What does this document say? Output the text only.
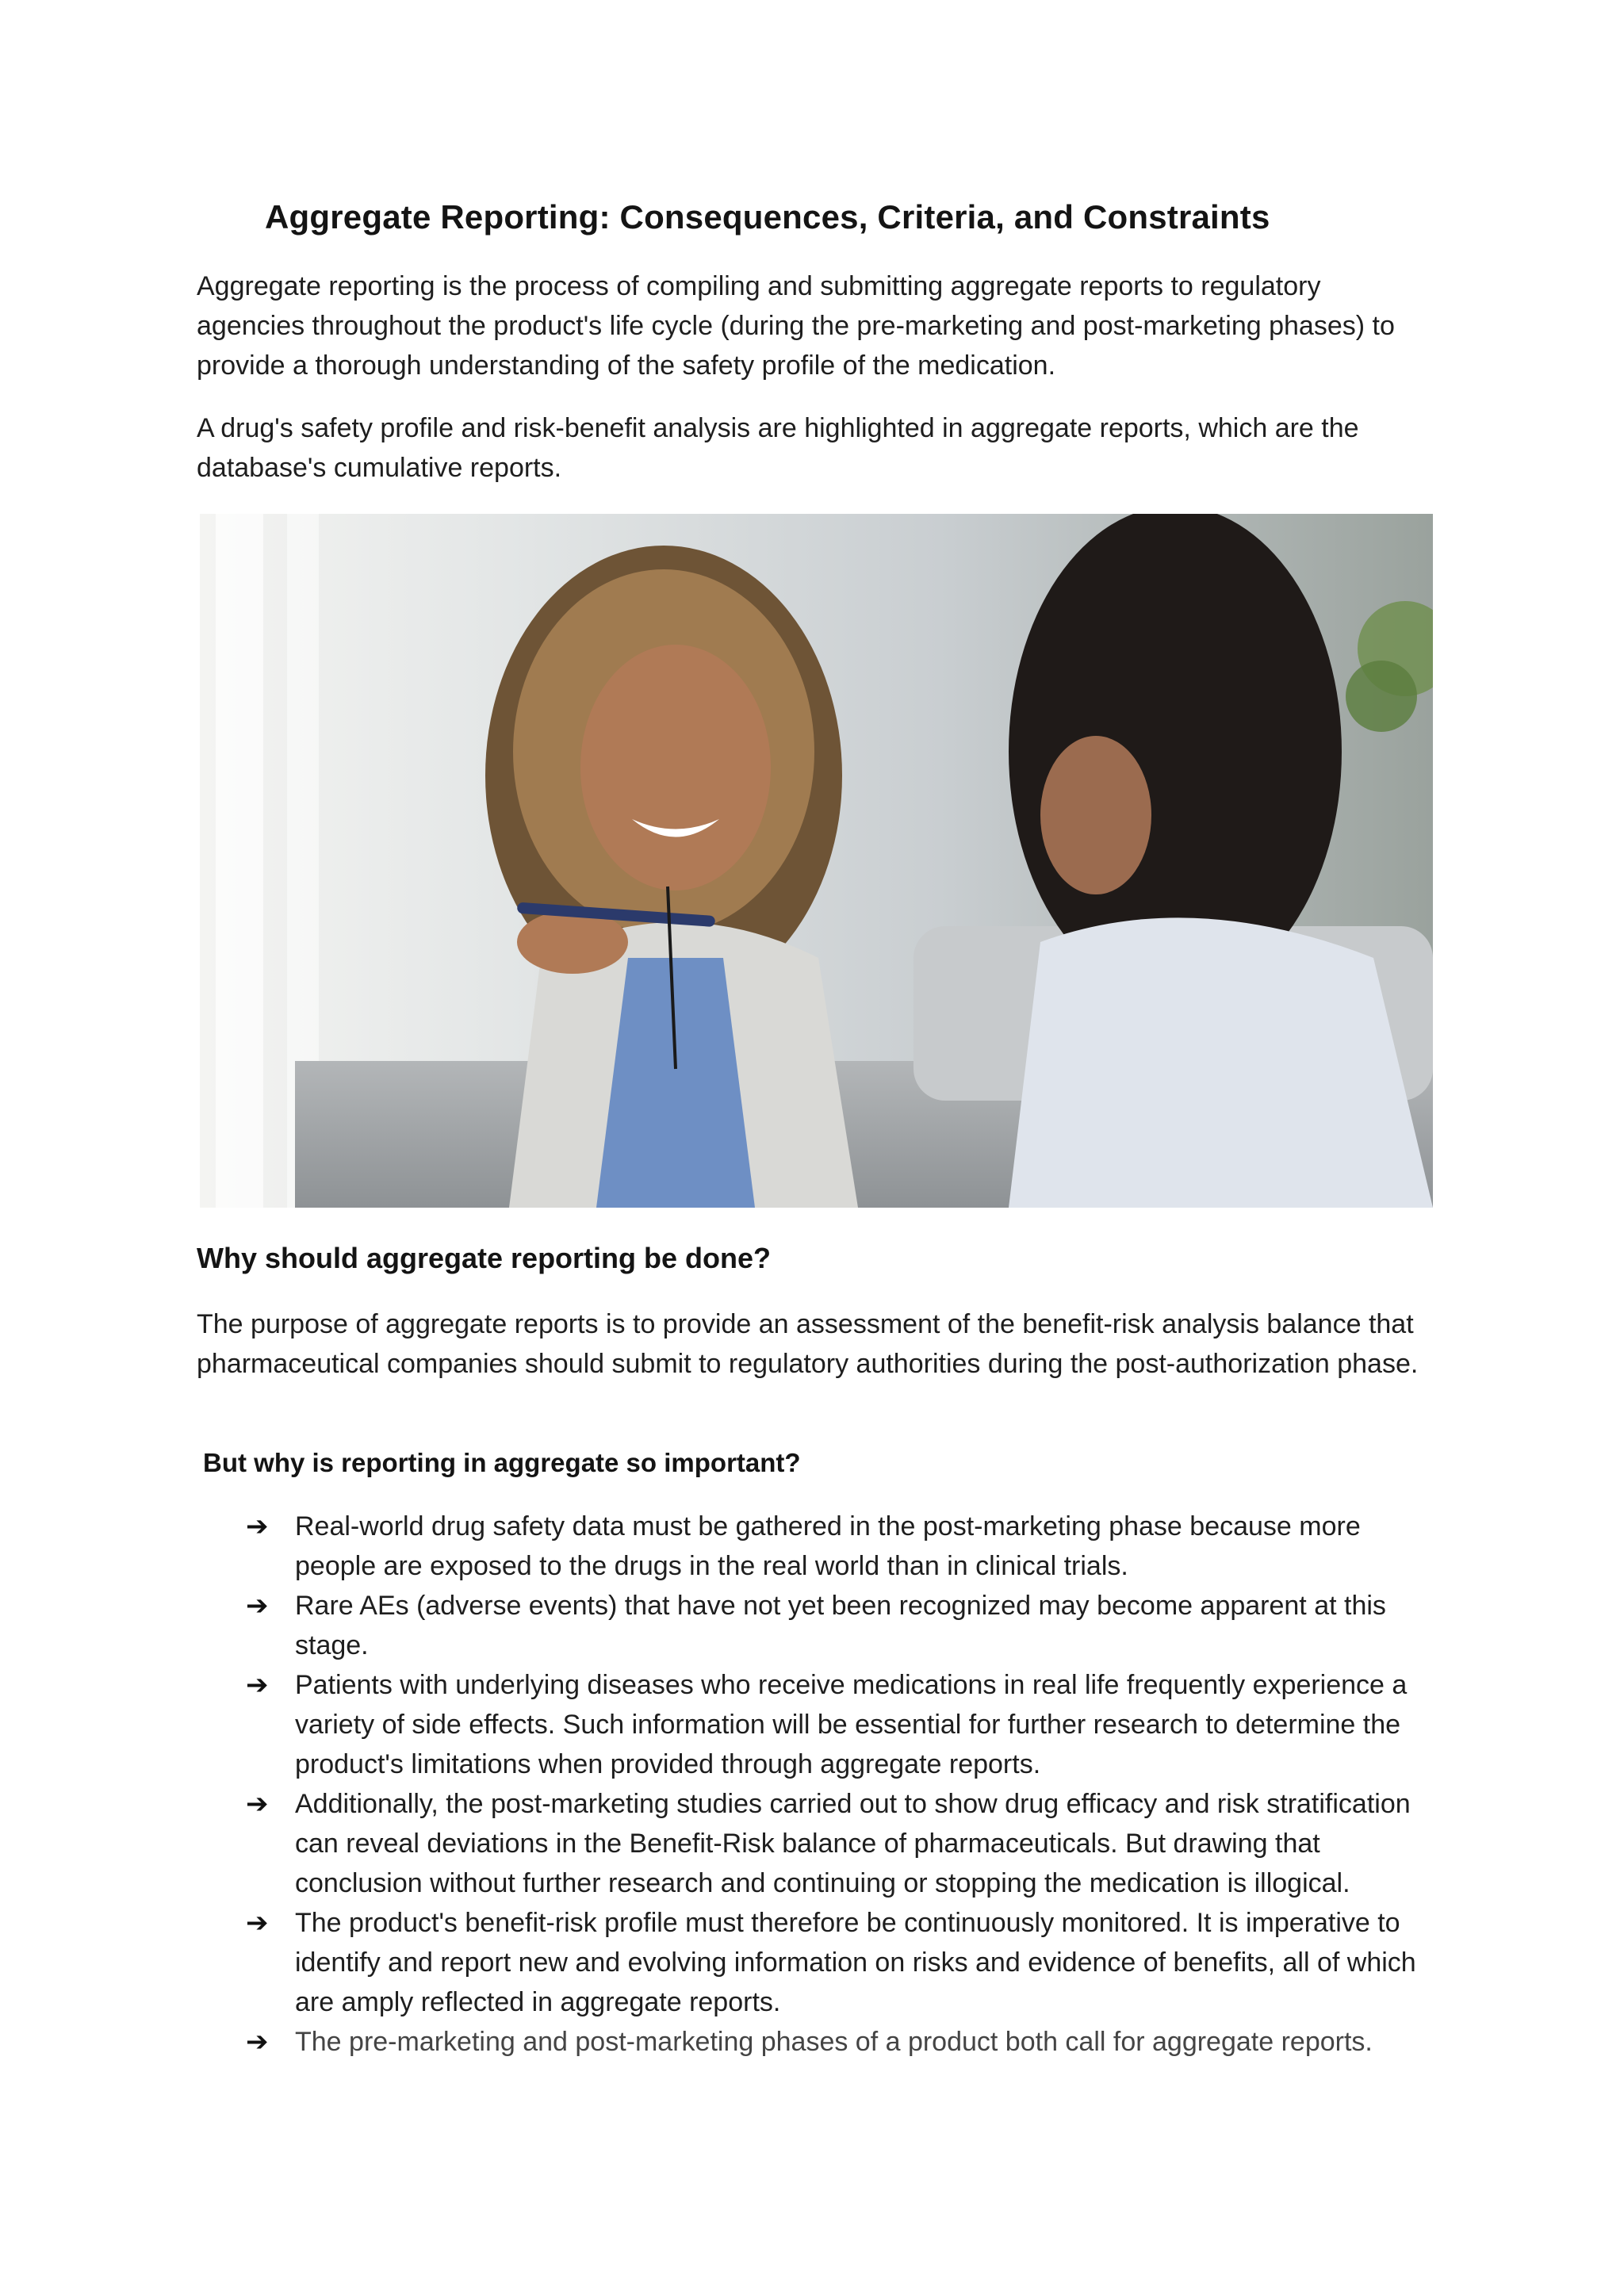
Aggregate Reporting: Consequences, Criteria, and Constraints

Aggregate reporting is the process of compiling and submitting aggregate reports to regulatory agencies throughout the product's life cycle (during the pre-marketing and post-marketing phases) to provide a thorough understanding of the safety profile of the medication.

A drug's safety profile and risk-benefit analysis are highlighted in aggregate reports, which are the database's cumulative reports.

Why should aggregate reporting be done?

The purpose of aggregate reports is to provide an assessment of the benefit-risk analysis balance that pharmaceutical companies should submit to regulatory authorities during the post-authorization phase.

But why is reporting in aggregate so important?
➔ Real-world drug safety data must be gathered in the post-marketing phase because more people are exposed to the drugs in the real world than in clinical trials.
➔ Rare AEs (adverse events) that have not yet been recognized may become apparent at this stage.
➔ Patients with underlying diseases who receive medications in real life frequently experience a variety of side effects. Such information will be essential for further research to determine the product's limitations when provided through aggregate reports.
➔ Additionally, the post-marketing studies carried out to show drug efficacy and risk stratification can reveal deviations in the Benefit-Risk balance of pharmaceuticals. But drawing that conclusion without further research and continuing or stopping the medication is illogical.
➔ The product's benefit-risk profile must therefore be continuously monitored. It is imperative to identify and report new and evolving information on risks and evidence of benefits, all of which are amply reflected in aggregate reports.
➔ The pre-marketing and post-marketing phases of a product both call for aggregate reports.
